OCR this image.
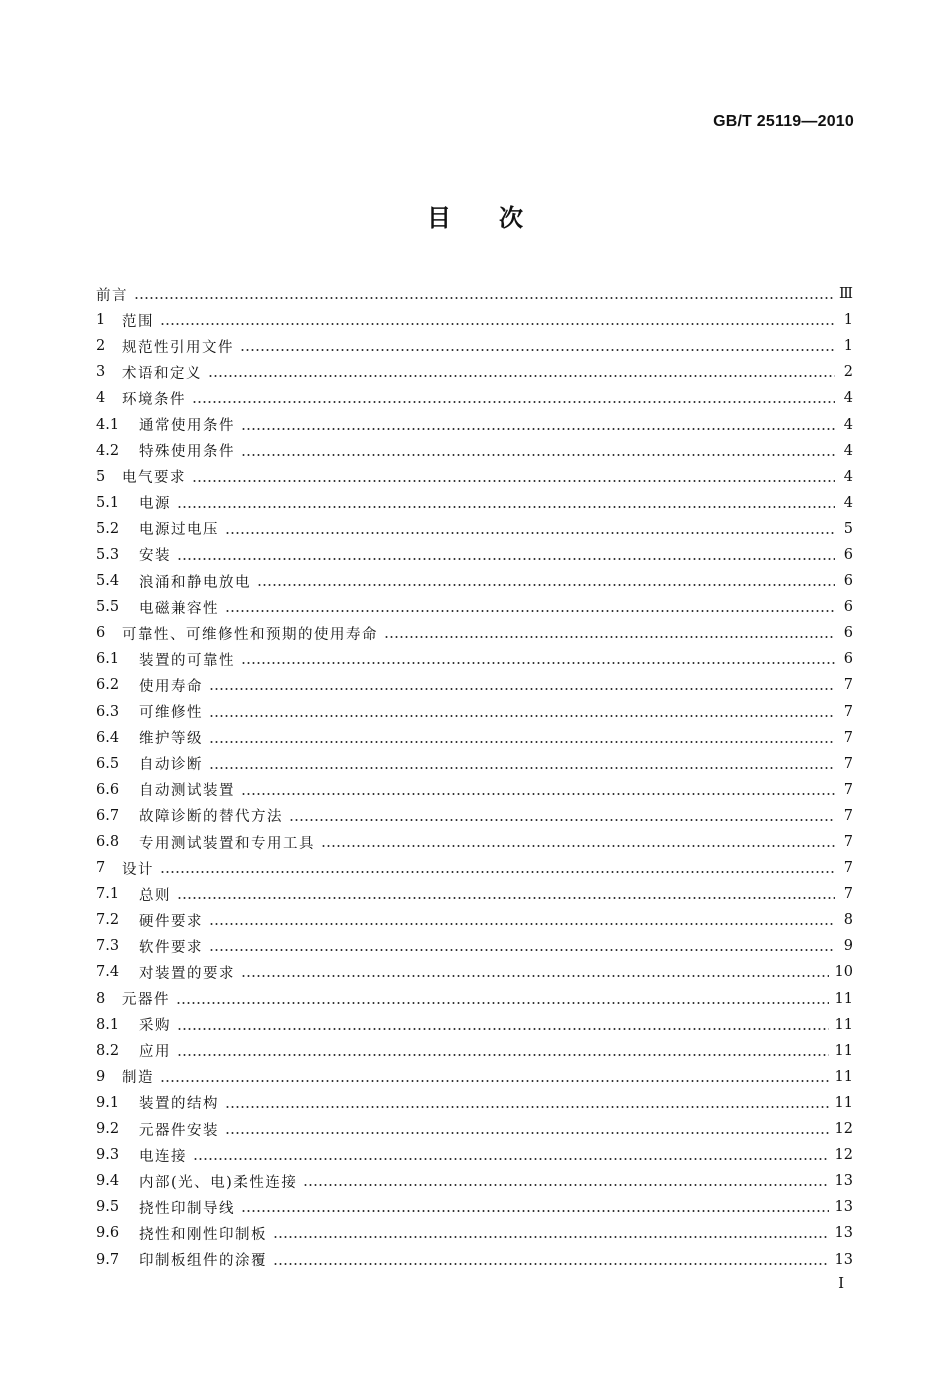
GB/T 25119—2010
目次
前言	Ⅲ
1	范围	1
2	规范性引用文件	1
3	术语和定义	2
4	环境条件	4
4.1	通常使用条件	4
4.2	特殊使用条件	4
5	电气要求	4
5.1	电源	4
5.2	电源过电压	5
5.3	安装	6
5.4	浪涌和静电放电	6
5.5	电磁兼容性	6
6	可靠性、可维修性和预期的使用寿命	6
6.1	装置的可靠性	6
6.2	使用寿命	7
6.3	可维修性	7
6.4	维护等级	7
6.5	自动诊断	7
6.6	自动测试装置	7
6.7	故障诊断的替代方法	7
6.8	专用测试装置和专用工具	7
7	设计	7
7.1	总则	7
7.2	硬件要求	8
7.3	软件要求	9
7.4	对装置的要求	10
8	元器件	11
8.1	采购	11
8.2	应用	11
9	制造	11
9.1	装置的结构	11
9.2	元器件安装	12
9.3	电连接	12
9.4	内部(光、电)柔性连接	13
9.5	挠性印制导线	13
9.6	挠性和刚性印制板	13
9.7	印制板组件的涂覆	13
I
